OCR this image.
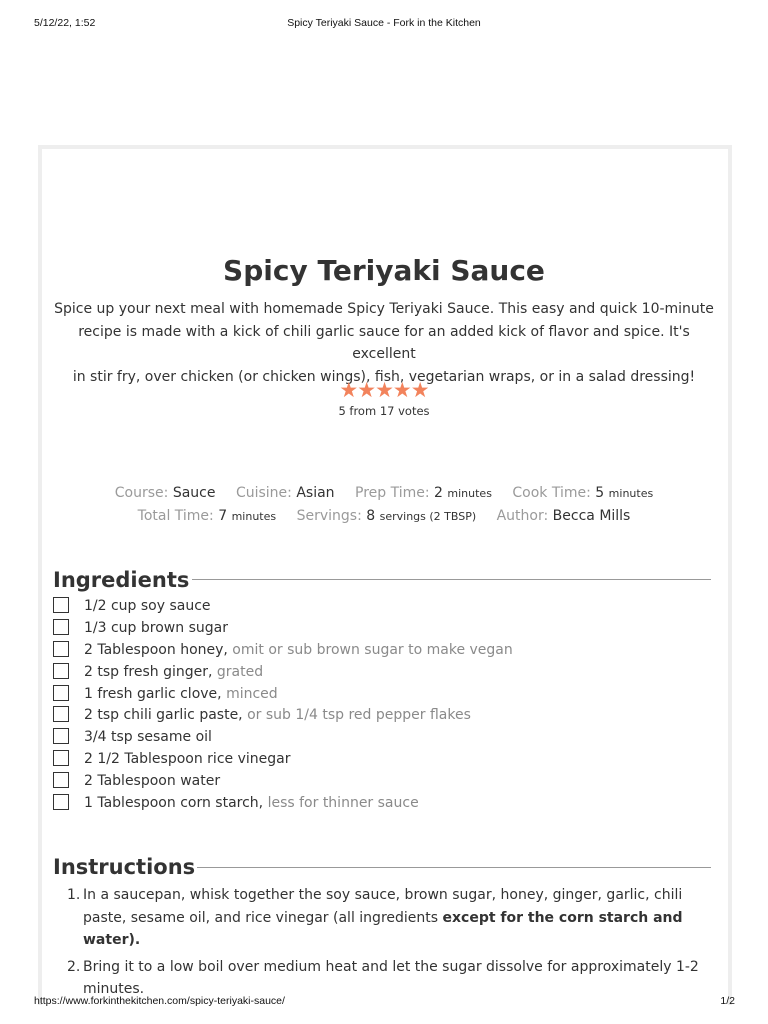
5/12/22, 1:52	Spicy Teriyaki Sauce - Fork in the Kitchen
Spicy Teriyaki Sauce

Spice up your next meal with homemade Spicy Teriyaki Sauce. This easy and quick 10-minute
recipe is made with a kick of chili garlic sauce for an added kick of flavor and spice. It's excellent
in stir fry, over chicken (or chicken wings), fish, vegetarian wraps, or in a salad dressing!

★★★★★
5 from 17 votes
Course: Sauce Cuisine: Asian Prep Time: 2 minutes Cook Time: 5 minutes
Total Time: 7 minutes Servings: 8 servings (2 TBSP) Author: Becca Mills
Ingredients
1/2 cup soy sauce
1/3 cup brown sugar
2 Tablespoon honey, omit or sub brown sugar to make vegan
2 tsp fresh ginger, grated
1 fresh garlic clove, minced
2 tsp chili garlic paste, or sub 1/4 tsp red pepper flakes
3/4 tsp sesame oil
2 1/2 Tablespoon rice vinegar
2 Tablespoon water
1 Tablespoon corn starch, less for thinner sauce
Instructions
1. In a saucepan, whisk together the soy sauce, brown sugar, honey, ginger, garlic, chili paste, sesame oil, and rice vinegar (all ingredients except for the corn starch and water).
2. Bring it to a low boil over medium heat and let the sugar dissolve for approximately 1-2 minutes.
https://www.forkinthekitchen.com/spicy-teriyaki-sauce/	1/2
